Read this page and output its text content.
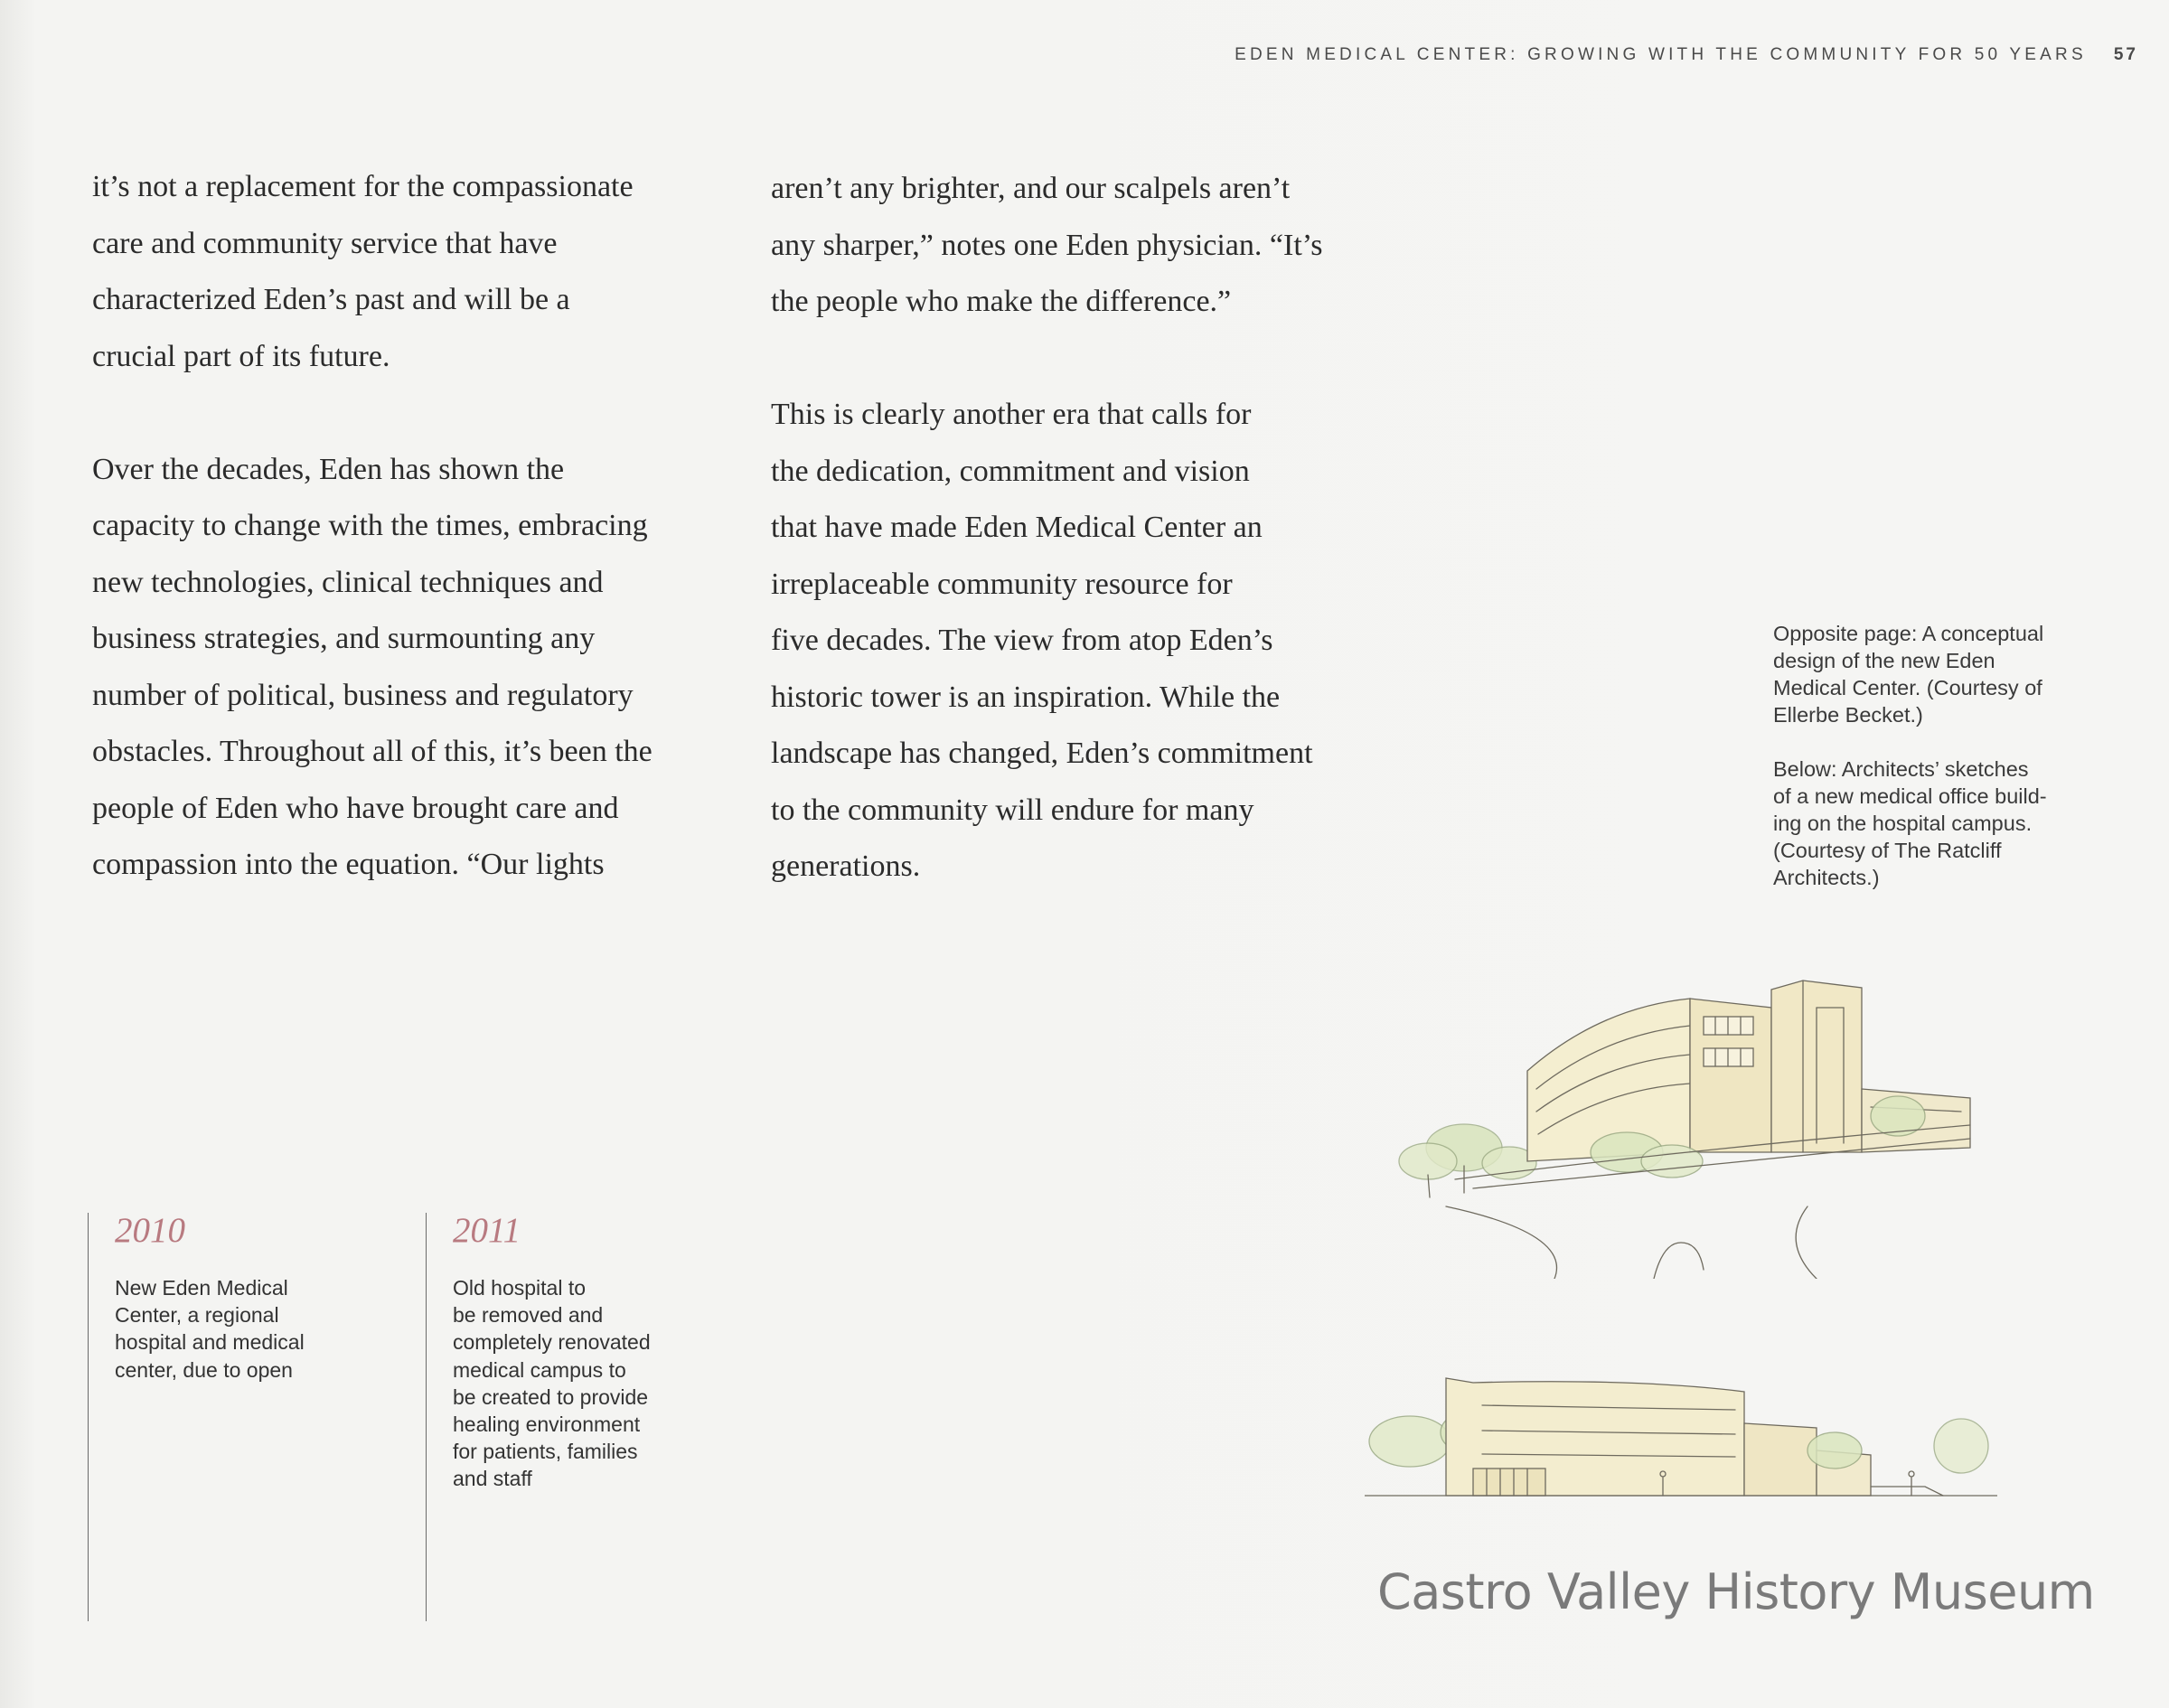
EDEN MEDICAL CENTER: GROWING WITH THE COMMUNITY FOR 50 YEARS 57

it’s not a replacement for the compassionate
care and community service that have
characterized Eden’s past and will be a
crucial part of its future.

Over the decades, Eden has shown the
capacity to change with the times, embracing
new technologies, clinical techniques and
business strategies, and surmounting any
number of political, business and regulatory
obstacles. Throughout all of this, it’s been the
people of Eden who have brought care and
compassion into the equation. “Our lights

aren’t any brighter, and our scalpels aren’t
any sharper,” notes one Eden physician. “It’s
the people who make the difference.”

This is clearly another era that calls for
the dedication, commitment and vision
that have made Eden Medical Center an
irreplaceable community resource for
five decades. The view from atop Eden’s
historic tower is an inspiration. While the
landscape has changed, Eden’s commitment
to the community will endure for many
generations.

Opposite page: A conceptual
design of the new Eden
Medical Center. (Courtesy of
Ellerbe Becket.)

Below: Architects’ sketches
of a new medical office build-
ing on the hospital campus.
(Courtesy of The Ratcliff
Architects.)

2010
New Eden Medical
Center, a regional
hospital and medical
center, due to open
2011
Old hospital to
be removed and
completely renovated
medical campus to
be created to provide
healing environment
for patients, families
and staff
Castro Valley History Museum
